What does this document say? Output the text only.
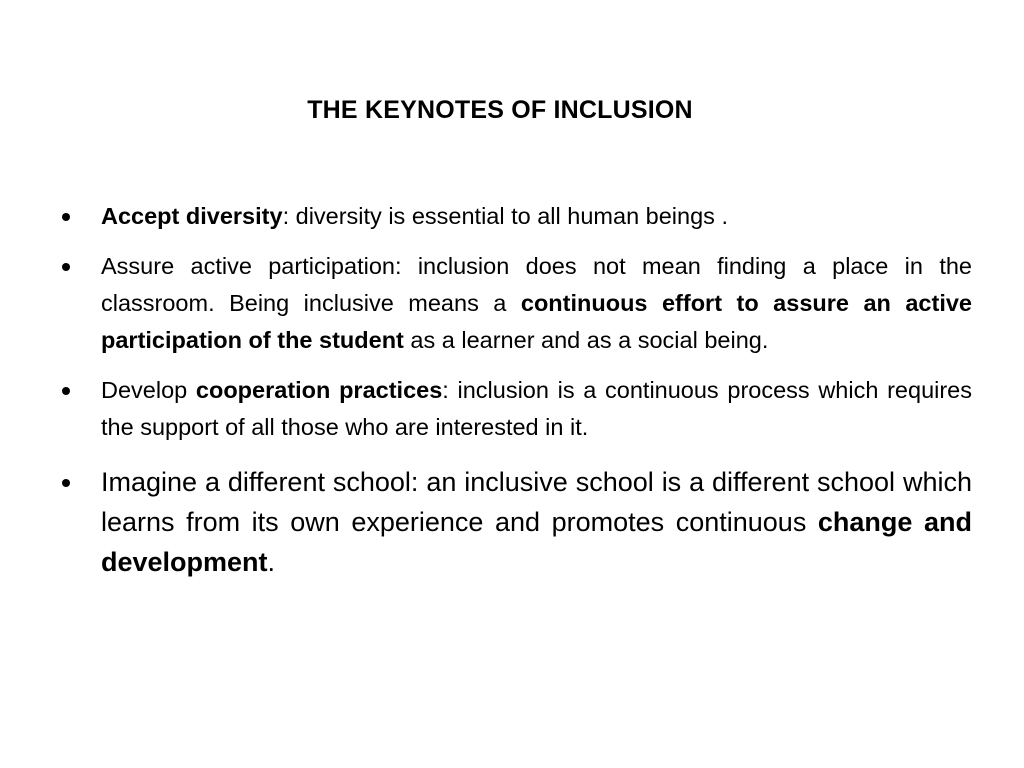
THE KEYNOTES OF INCLUSION
Accept diversity: diversity is essential to all human beings .
Assure active participation: inclusion does not mean finding a place in the classroom. Being inclusive means a continuous effort to assure an active participation of the student as a learner and as a social being.
Develop cooperation practices: inclusion is a continuous process which requires the support of all those who are interested in it.
Imagine a different school: an inclusive school is a different school which learns from its own experience and promotes continuous change and development.
